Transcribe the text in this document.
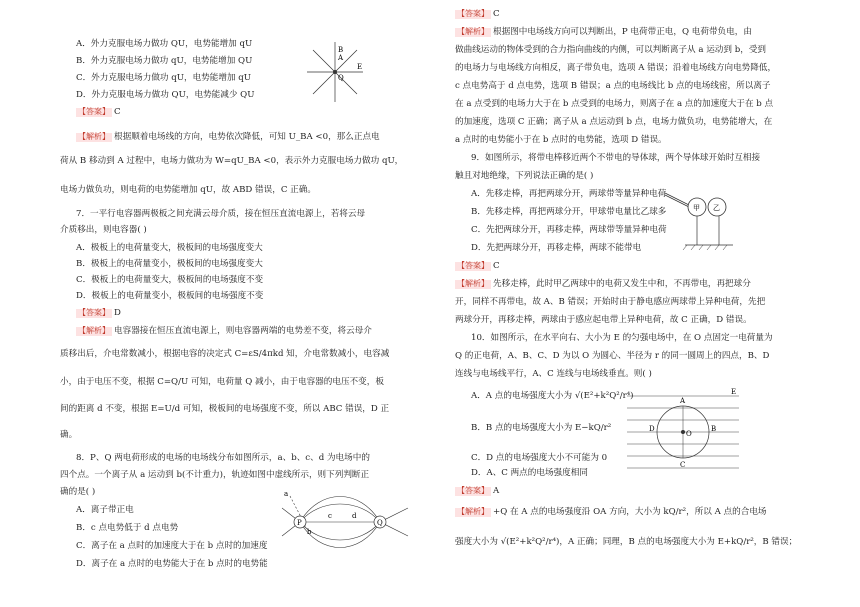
A．外力克服电场力做功 QU，电势能增加 qU
B．外力克服电场力做功 qU，电势能增加 QU
C．外力克服电场力做功 qU，电势能增加 qU
D．外力克服电场力做功 QU，电势能减少 QU
【答案】 C
A
B
E
Q
【解析】 根据顺着电场线的方向，电势依次降低，可知 U_BA <0，那么正点电
荷从 B 移动到 A 过程中，电场力做功为 W=qU_BA <0，表示外力克服电场力做功 qU，
电场力做负功，则电荷的电势能增加 qU，故 ABD 错误，C 正确。
7．一平行电容器两极板之间充满云母介质，接在恒压直流电源上，若将云母
介质移出，则电容器( )
A．极板上的电荷量变大，极板间的电场强度变大
B．极板上的电荷量变小，极板间的电场强度变大
C．极板上的电荷量变大，极板间的电场强度不变
D．极板上的电荷量变小，极板间的电场强度不变
【答案】 D
【解析】 电容器接在恒压直流电源上，则电容器两端的电势差不变，将云母介
质移出后，介电常数减小，根据电容的决定式 C=εS/4πkd 知，介电常数减小，电容减
小，由于电压不变，根据 C=Q/U 可知，电荷量 Q 减小，由于电容器的电压不变，板
间的距离 d 不变，根据 E=U/d 可知，极板间的电场强度不变，所以 ABC 错误，D 正
确。
8．P、Q 两电荷形成的电场的电场线分布如图所示，a、b、c、d 为电场中的
四个点。一个离子从 a 运动到 b(不计重力)，轨迹如图中虚线所示，则下列判断正
确的是( )
A．离子带正电
B．c 点电势低于 d 点电势
C．离子在 a 点时的加速度大于在 b 点时的加速度
D．离子在 a 点时的电势能大于在 b 点时的电势能
P	Q
a
b
c	d
【答案】 C
【解析】 根据图中电场线方向可以判断出，P 电荷带正电，Q 电荷带负电，由
做曲线运动的物体受到的合力指向曲线的内侧，可以判断离子从 a 运动到 b，受到
的电场力与电场线方向相反，离子带负电，选项 A 错误；沿着电场线方向电势降低，
c 点电势高于 d 点电势，选项 B 错误；a 点的电场线比 b 点的电场线密，所以离子
在 a 点受到的电场力大于在 b 点受到的电场力，则离子在 a 点的加速度大于在 b 点
的加速度，选项 C 正确；离子从 a 点运动到 b 点，电场力做负功，电势能增大，在
a 点时的电势能小于在 b 点时的电势能，选项 D 错误。
9．如图所示，将带电棒移近两个不带电的导体球，两个导体球开始时互相接
触且对地绝缘，下列说法正确的是( )
A．先移走棒，再把两球分开，两球带等量异种电荷
B．先移走棒，再把两球分开，甲球带电量比乙球多
C．先把两球分开，再移走棒，两球带等量异种电荷
D．先把两球分开，再移走棒，两球不能带电
甲 乙
【答案】 C
【解析】 先移走棒，此时甲乙两球中的电荷又发生中和，不再带电，再把球分
开，同样不再带电，故 A、B 错误；开始时由于静电感应两球带上异种电荷，先把
两球分开，再移走棒，两球由于感应起电带上异种电荷，故 C 正确，D 错误。
10．如图所示，在水平向右、大小为 E 的匀强电场中，在 O 点固定一电荷量为
Q 的正电荷，A、B、C、D 为以 O 为圆心、半径为 r 的同一圆周上的四点，B、D
连线与电场线平行，A、C 连线与电场线垂直。则( )
A．A 点的电场强度大小为 √(E²+k²Q²/r⁴)
B．B 点的电场强度大小为 E−kQ/r²
C．D 点的电场强度大小不可能为 0
D．A、C 两点的电场强度相同
A
B
C
D
E
O
【答案】 A
【解析】 +Q 在 A 点的电场强度沿 OA 方向，大小为 kQ/r²，所以 A 点的合电场
强度大小为 √(E²+k²Q²/r⁴)，A 正确；同理，B 点的电场强度大小为 E+kQ/r²，B 错误；
